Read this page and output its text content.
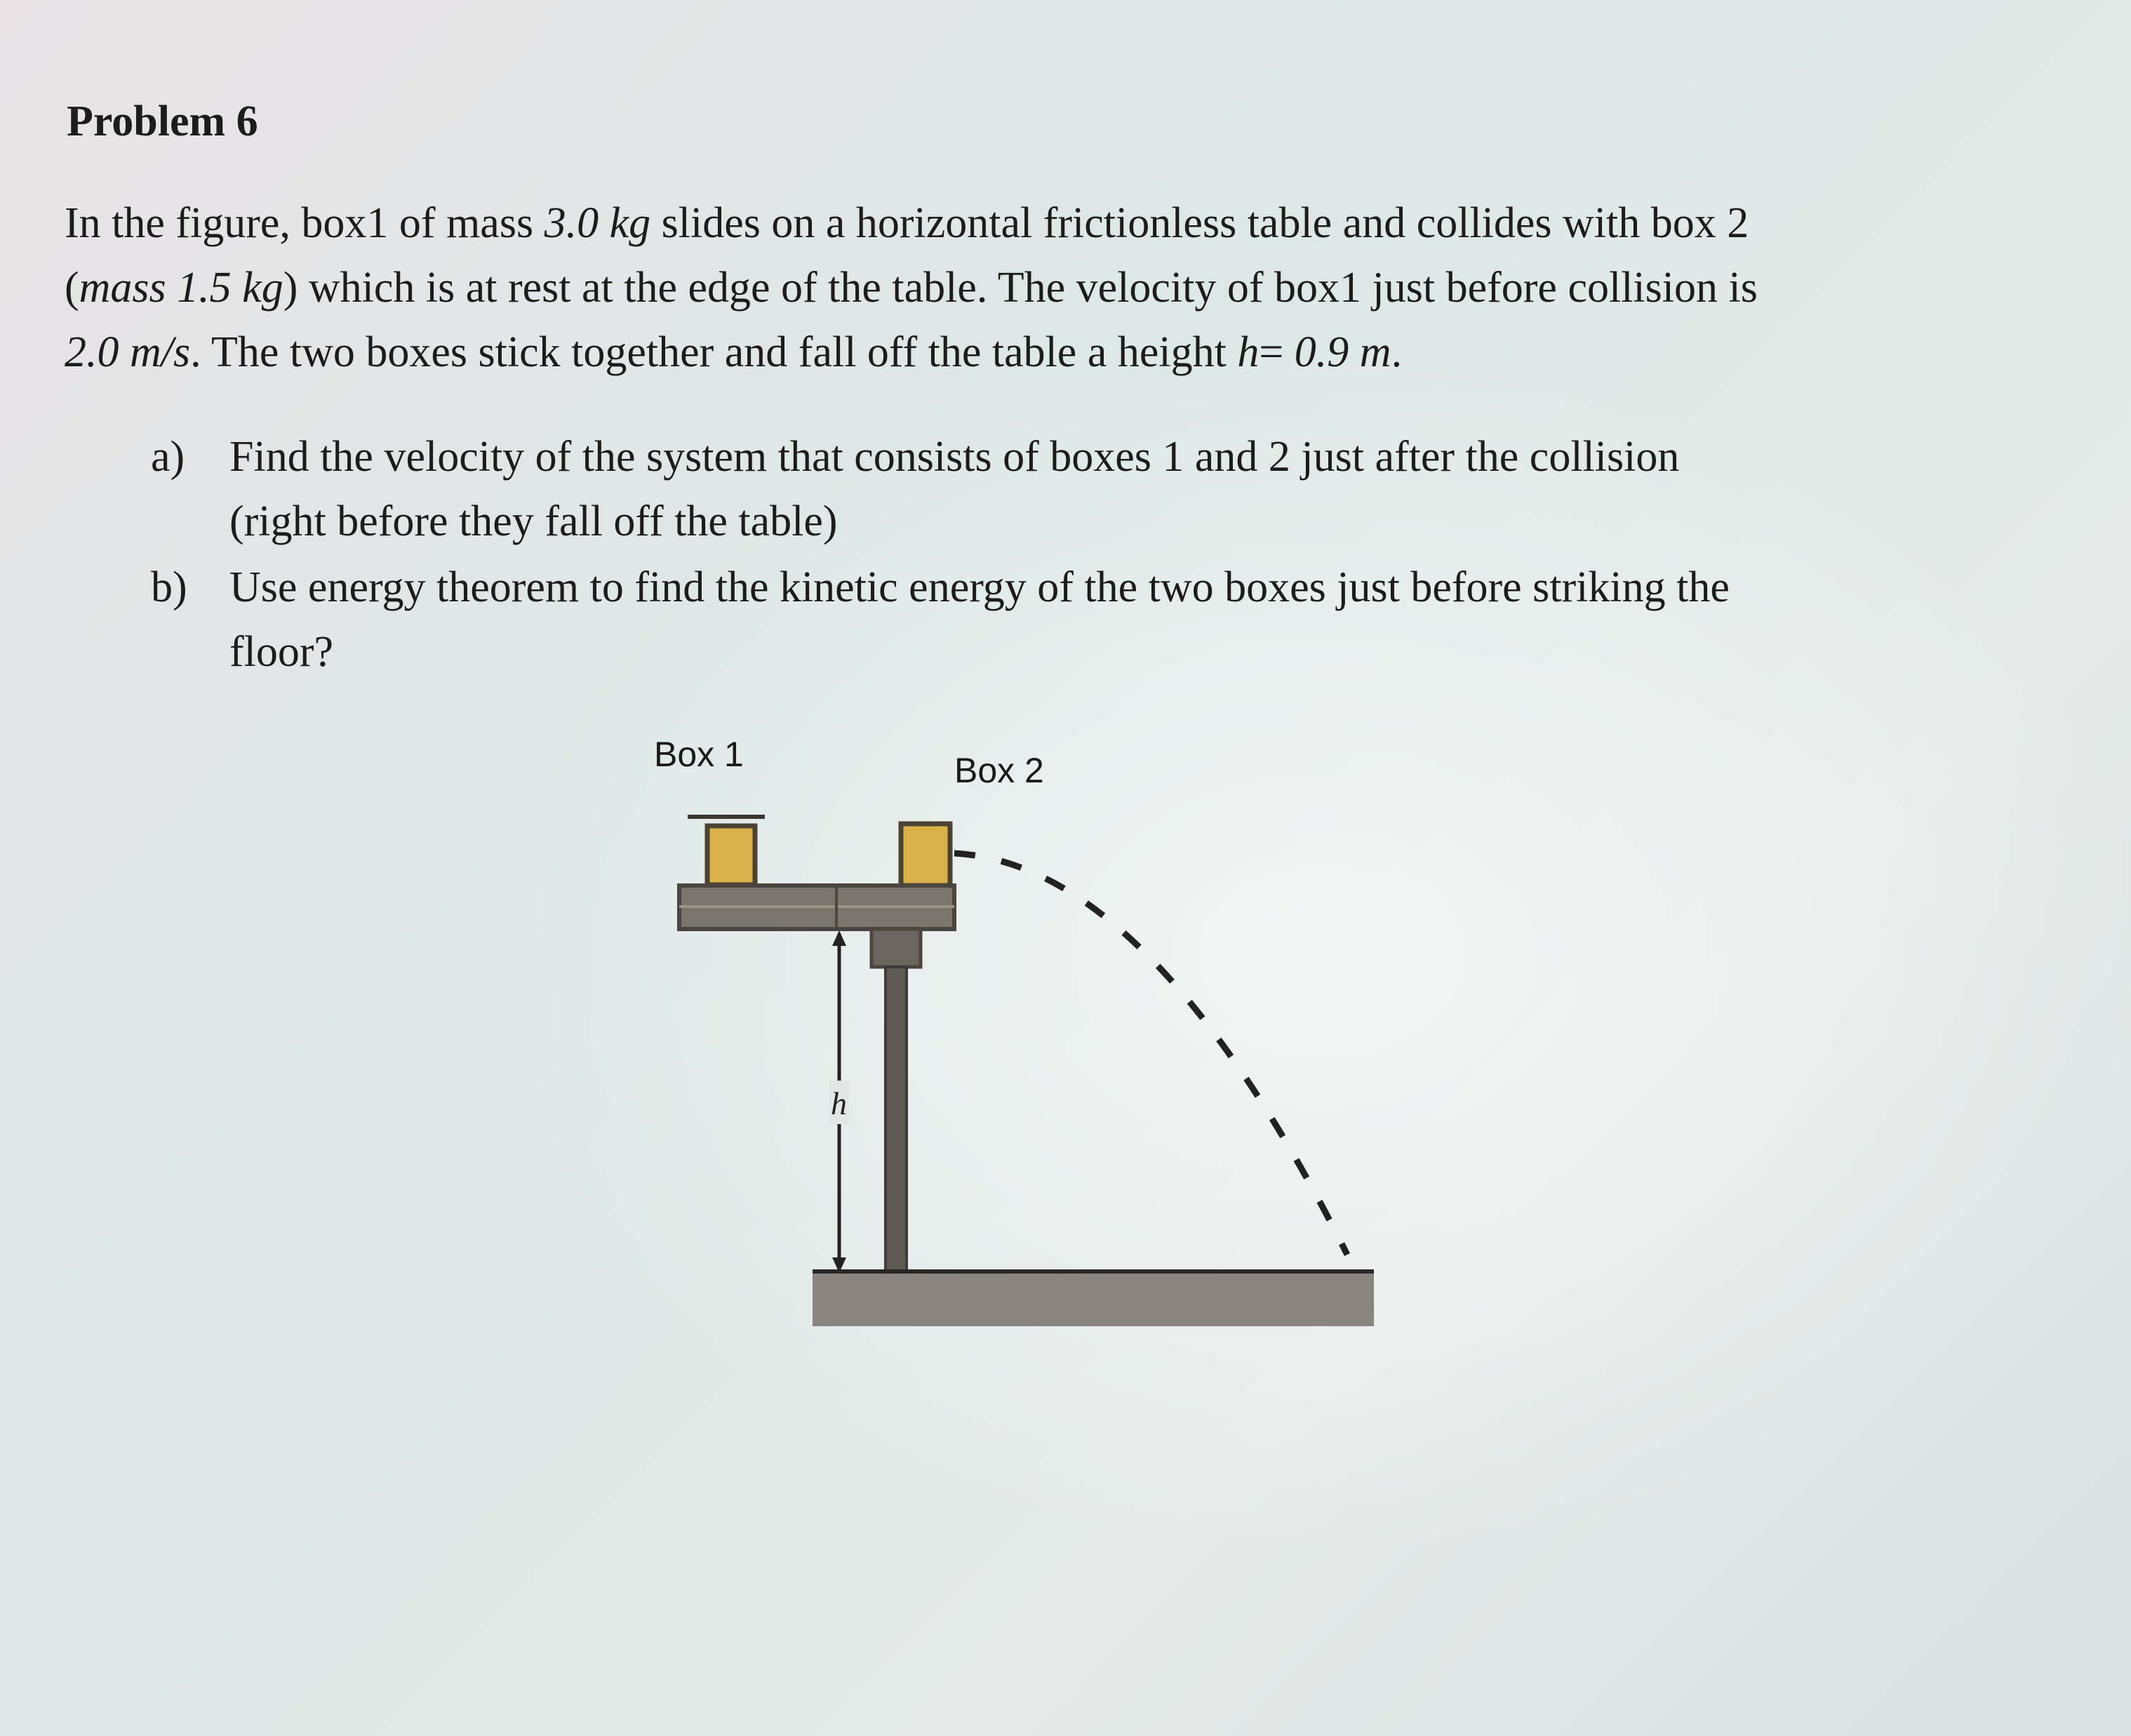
Problem 6

In the figure, box1 of mass 3.0 kg slides on a horizontal frictionless table and collides with box 2
(mass 1.5 kg) which is at rest at the edge of the table. The velocity of box1 just before collision is
2.0 m/s. The two boxes stick together and fall off the table a height h= 0.9 m.

a) Find the velocity of the system that consists of boxes 1 and 2 just after the collision
(right before they fall off the table)
b) Use energy theorem to find the kinetic energy of the two boxes just before striking the
floor?
Box 1	Box 2
h
